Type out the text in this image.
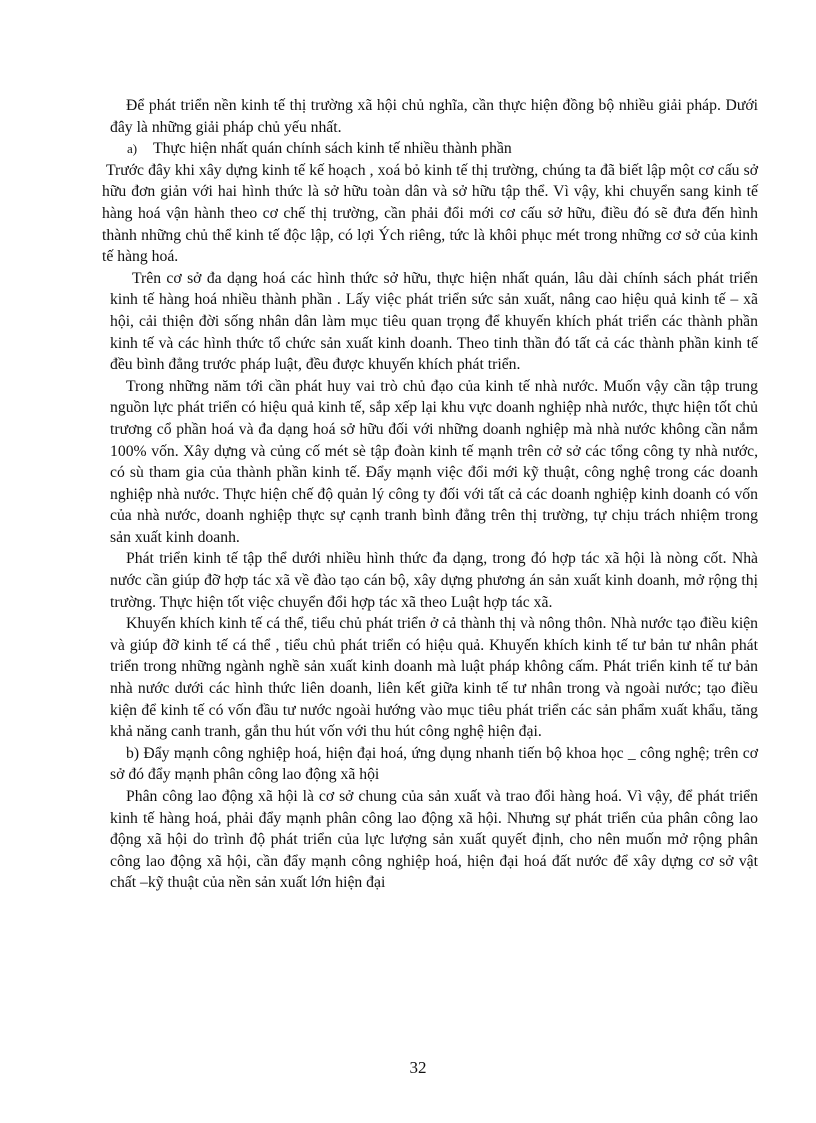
Để phát triển nền kinh tế thị trường xã hội chủ nghĩa, cần thực hiện đồng bộ nhiều giải pháp. Dưới đây là những giải pháp chủ yếu nhất.

a) Thực hiện nhất quán chính sách kinh tế nhiều thành phần

Trước đây khi xây dựng kinh tế kế hoạch , xoá bỏ kinh tế thị trường, chúng ta đã biết lập một cơ cấu sở hữu đơn giản với hai hình thức là sở hữu toàn dân và sở hữu tập thể. Vì vậy, khi chuyển sang kinh tế hàng hoá vận hành theo cơ chế thị trường, cần phải đổi mới cơ cấu sở hữu, điều đó sẽ đưa đến hình thành những chủ thể kinh tế độc lập, có lợi Ých riêng, tức là khôi phục mét trong những cơ sở của kinh tế hàng hoá.

Trên cơ sở đa dạng hoá các hình thức sở hữu, thực hiện nhất quán, lâu dài chính sách phát triển kinh tế hàng hoá nhiều thành phần . Lấy việc phát triển sức sản xuất, nâng cao hiệu quả kinh tế – xã hội, cải thiện đời sống nhân dân làm mục tiêu quan trọng để khuyến khích phát triển các thành phần kinh tế và các hình thức tổ chức sản xuất kinh doanh. Theo tinh thần đó tất cả các thành phần kinh tế đều bình đẳng trước pháp luật, đều được khuyến khích phát triển.

Trong những năm tới cần phát huy vai trò chủ đạo của kinh tế nhà nước. Muốn vậy cần tập trung nguồn lực phát triển có hiệu quả kinh tế, sắp xếp lại khu vực doanh nghiệp nhà nước, thực hiện tốt chủ trương cổ phần hoá và đa dạng hoá sở hữu đối với những doanh nghiệp mà nhà nước không cần nắm 100% vốn. Xây dựng và củng cố mét sè tập đoàn kinh tế mạnh trên cở sở các tổng công ty nhà nước, có sù tham gia của thành phần kinh tế. Đẩy mạnh việc đổi mới kỹ thuật, công nghệ trong các doanh nghiệp nhà nước. Thực hiện chế độ quản lý công ty đối với tất cả các doanh nghiệp kinh doanh có vốn của nhà nước, doanh nghiệp thực sự cạnh tranh bình đẳng trên thị trường, tự chịu trách nhiệm trong sản xuất kinh doanh.

Phát triển kinh tế tập thể dưới nhiều hình thức đa dạng, trong đó hợp tác xã hội là nòng cốt. Nhà nước cần giúp đỡ hợp tác xã về đào tạo cán bộ, xây dựng phương án sản xuất kinh doanh, mở rộng thị trường. Thực hiện tốt việc chuyển đổi hợp tác xã theo Luật hợp tác xã.

Khuyến khích kinh tế cá thể, tiểu chủ phát triển ở cả thành thị và nông thôn. Nhà nước tạo điều kiện và giúp đỡ kinh tế cá thể , tiểu chủ phát triển có hiệu quả. Khuyến khích kinh tế tư bản tư nhân phát triển trong những ngành nghề sản xuất kinh doanh mà luật pháp không cấm. Phát triển kinh tế tư bản nhà nước dưới các hình thức liên doanh, liên kết giữa kinh tế tư nhân trong và ngoài nước; tạo điều kiện để kinh tế có vốn đầu tư nước ngoài hướng vào mục tiêu phát triển các sản phẩm xuất khẩu, tăng khả năng canh tranh, gắn thu hút vốn với thu hút công nghệ hiện đại.

b) Đẩy mạnh công nghiệp hoá, hiện đại hoá, ứng dụng nhanh tiến bộ khoa học _ công nghệ; trên cơ sở đó đẩy mạnh phân công lao động xã hội

Phân công lao động xã hội là cơ sở chung của sản xuất và trao đổi hàng hoá. Vì vậy, để phát triển kinh tế hàng hoá, phải đẩy mạnh phân công lao động xã hội. Nhưng sự phát triển của phân công lao động xã hội do trình độ phát triển của lực lượng sản xuất quyết định, cho nên muốn mở rộng phân công lao động xã hội, cần đẩy mạnh công nghiệp hoá, hiện đại hoá đất nước để xây dựng cơ sở vật chất –kỹ thuật của nền sản xuất lớn hiện đại

32
